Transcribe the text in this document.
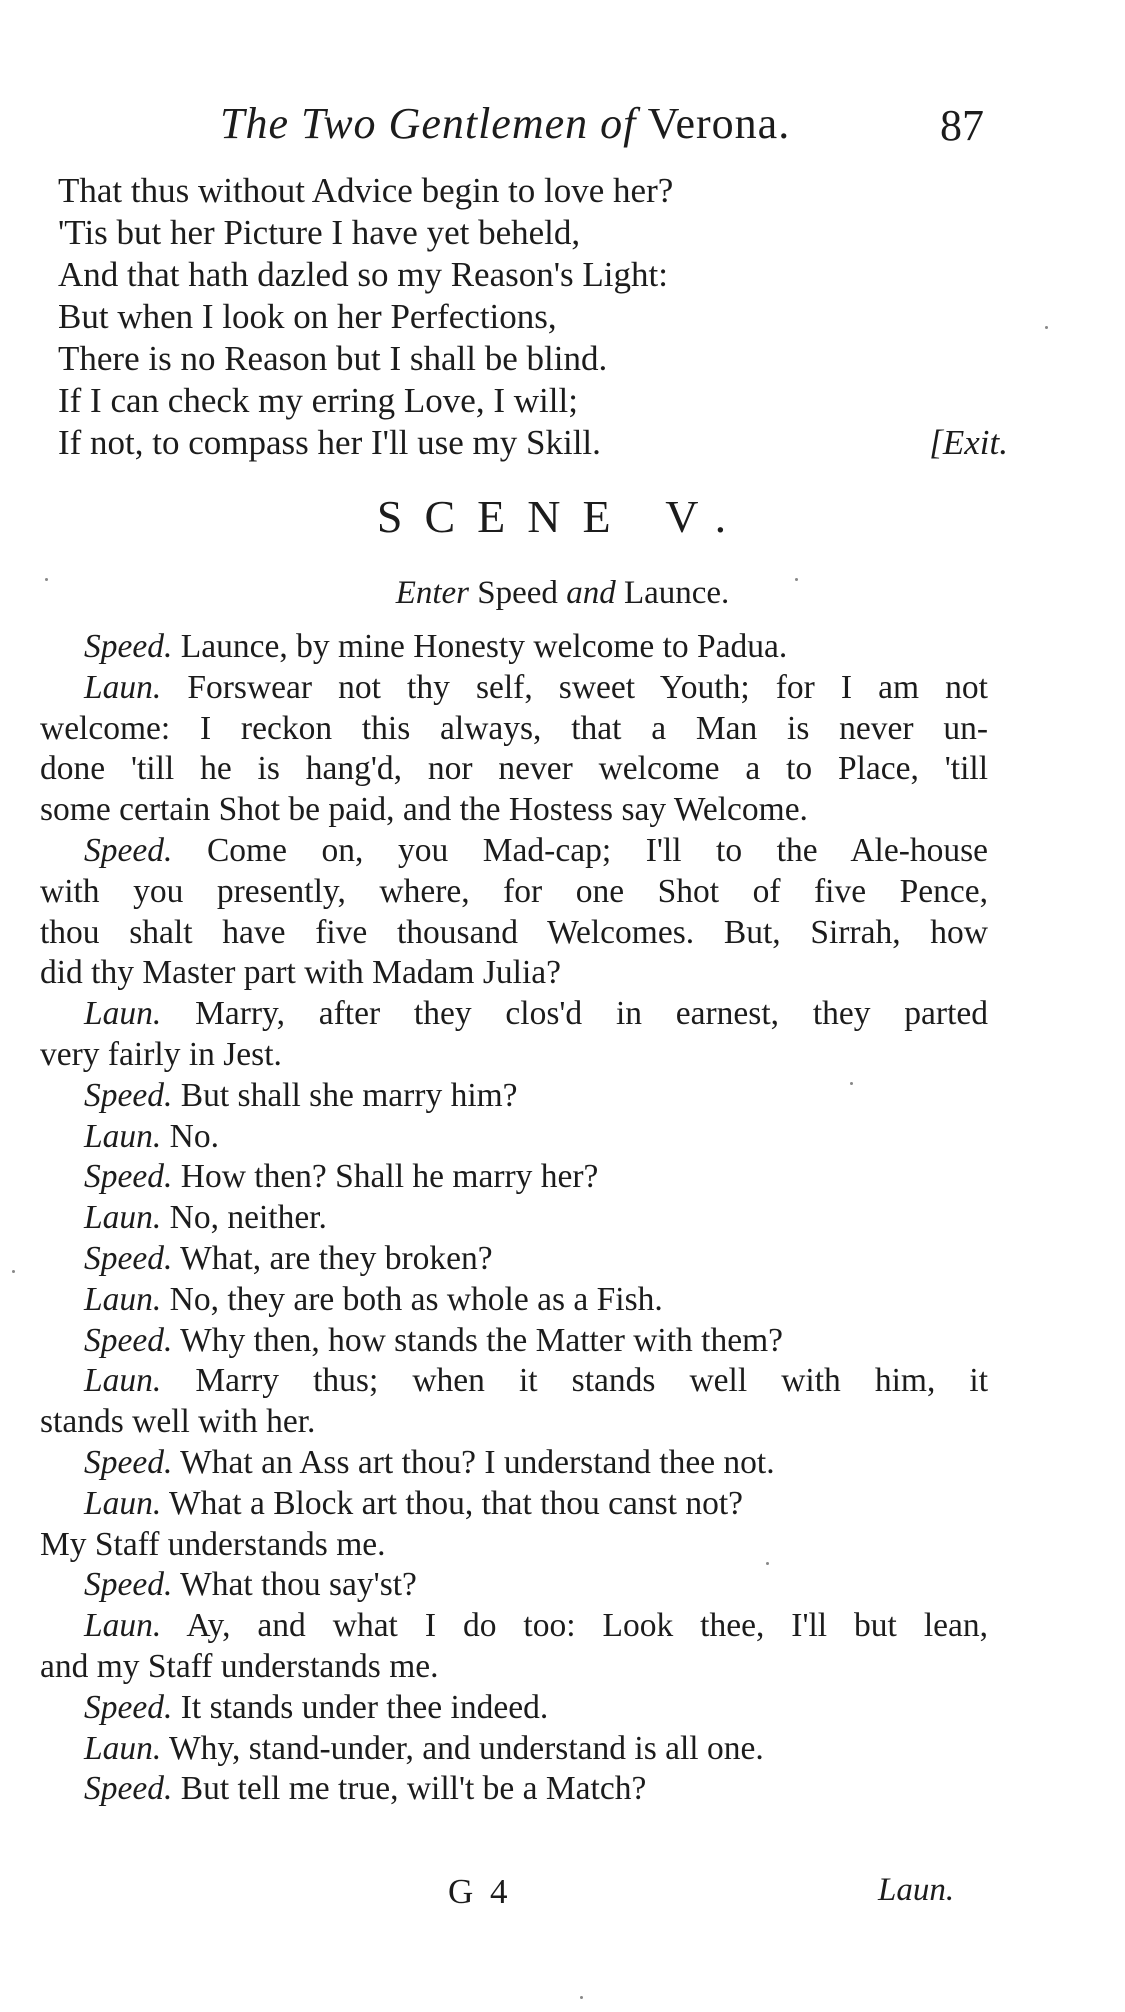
The Two Gentlemen of Verona.	87
That thus without Advice begin to love her?
'Tis but her Picture I have yet beheld,
And that hath dazled so my Reason's Light:
But when I look on her Perfections,
There is no Reason but I shall be blind.
If I can check my erring Love, I will;
If not, to compass her I'll use my Skill.	[Exit.
SCENE V.
Enter Speed and Launce.
Speed. Launce, by mine Honesty welcome to Padua.
Laun. Forswear not thy self, sweet Youth; for I am not
welcome: I reckon this always, that a Man is never un-
done 'till he is hang'd, nor never welcome a to Place, 'till
some certain Shot be paid, and the Hostess say Welcome.
Speed. Come on, you Mad-cap; I'll to the Ale-house
with you presently, where, for one Shot of five Pence,
thou shalt have five thousand Welcomes. But, Sirrah, how
did thy Master part with Madam Julia?
Laun. Marry, after they clos'd in earnest, they parted
very fairly in Jest.
Speed. But shall she marry him?
Laun. No.
Speed. How then? Shall he marry her?
Laun. No, neither.
Speed. What, are they broken?
Laun. No, they are both as whole as a Fish.
Speed. Why then, how stands the Matter with them?
Laun. Marry thus; when it stands well with him, it
stands well with her.
Speed. What an Ass art thou? I understand thee not.
Laun. What a Block art thou, that thou canst not?
My Staff understands me.
Speed. What thou say'st?
Laun. Ay, and what I do too: Look thee, I'll but lean,
and my Staff understands me.
Speed. It stands under thee indeed.
Laun. Why, stand-under, and understand is all one.
Speed. But tell me true, will't be a Match?
G 4	Laun.
